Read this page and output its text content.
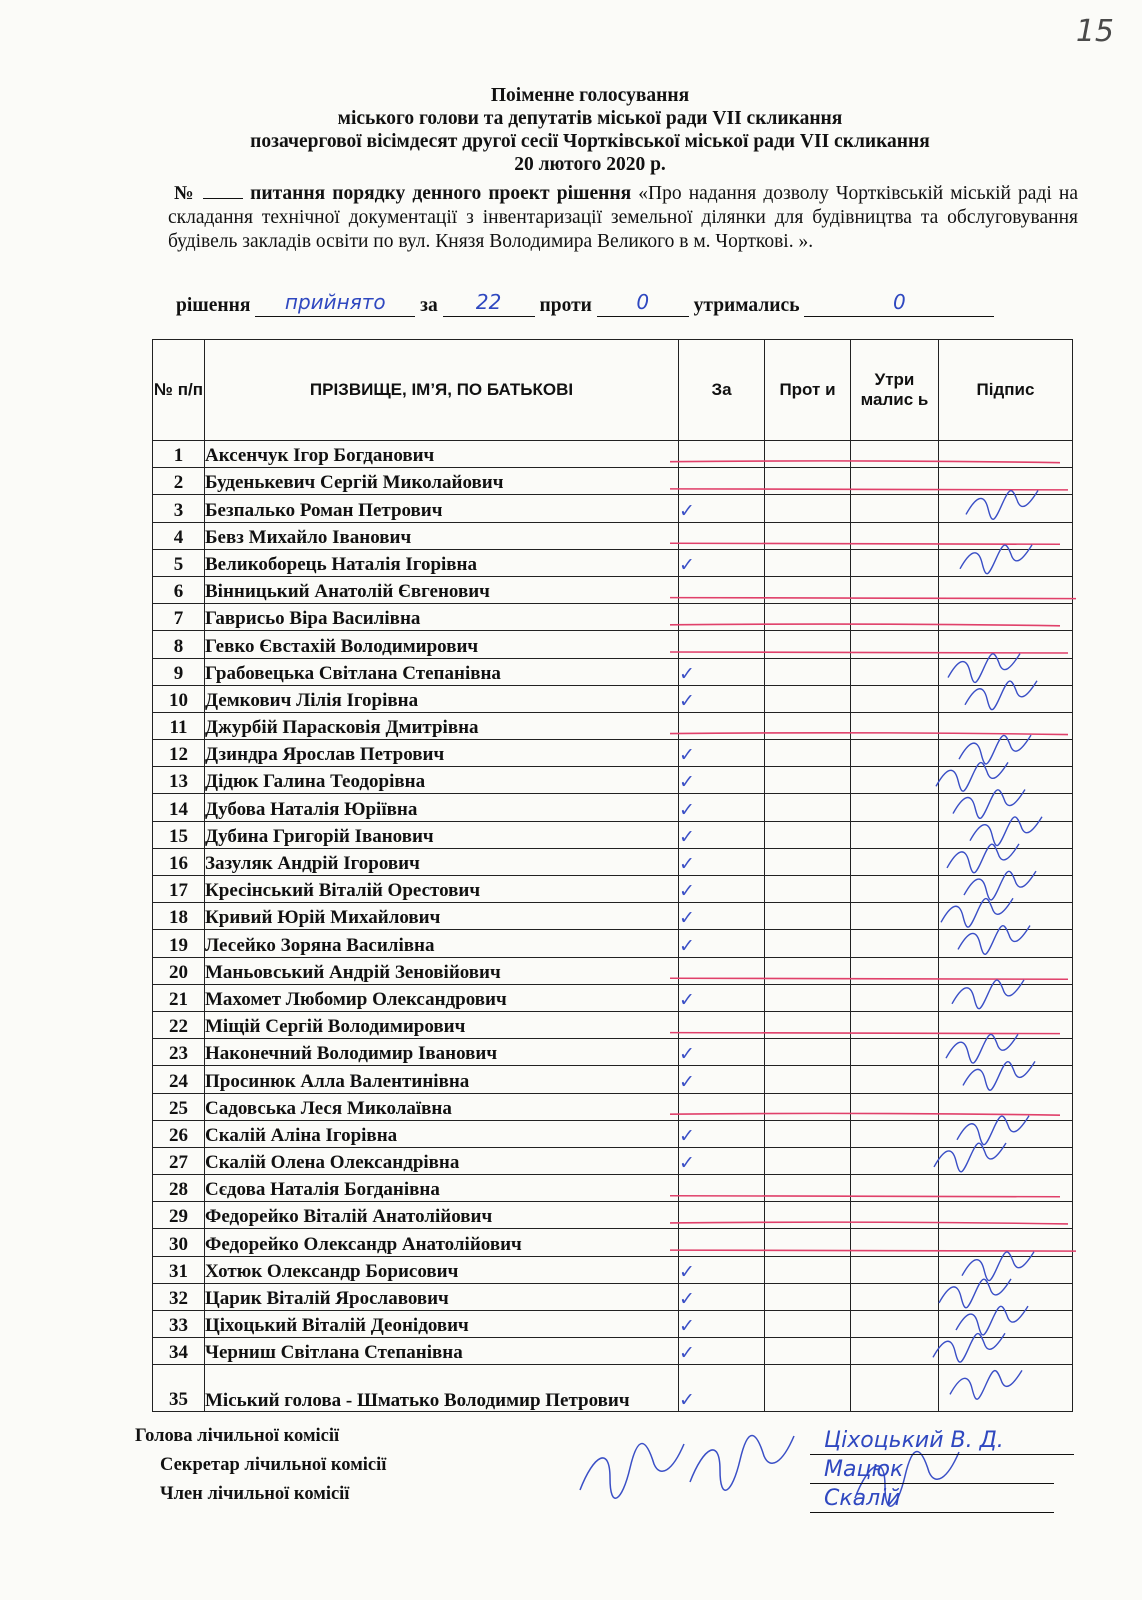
15
Поіменне голосування
міського голови та депутатів міської ради VII скликання
позачергової вісімдесят другої сесії Чортківської міської ради VII скликання
20 лютого 2020 р.
№	питання порядку денного проект рішення «Про надання дозволу Чортківській міській раді на складання технічної документації з інвентаризації земельної ділянки для будівництва та обслуговування будівель закладів освіти по вул. Князя Володимира Великого в м. Чорткові. ».
рішення прийнято за 22 проти 0 утримались	0
№ п/п	ПРІЗВИЩЕ, ІМ’Я, ПО БАТЬКОВІ	За	Прот и	Утри малис ь	Підпис
1	Аксенчук Ігор Богданович				
2	Буденькевич Сергій Миколайович				
3	Безпалько Роман Петрович	✓			
4	Бевз Михайло Іванович				
5	Великоборець Наталія Ігорівна	✓			
6	Вінницький Анатолій Євгенович				
7	Гаврисьо Віра Василівна				
8	Гевко Євстахій Володимирович				
9	Грабовецька Світлана Степанівна	✓			
10	Демкович Лілія Ігорівна	✓			
11	Джурбій Парасковія Дмитрівна				
12	Дзиндра Ярослав Петрович	✓			
13	Дідюк Галина Теодорівна	✓			
14	Дубова Наталія Юріївна	✓			
15	Дубина Григорій Іванович	✓			
16	Зазуляк Андрій Ігорович	✓			
17	Кресінський Віталій Орестович	✓			
18	Кривий Юрій Михайлович	✓			
19	Лесейко Зоряна Василівна	✓			
20	Маньовський Андрій Зеновійович				
21	Махомет Любомир Олександрович	✓			
22	Міщій Сергій Володимирович				
23	Наконечний Володимир Іванович	✓			
24	Просинюк Алла Валентинівна	✓			
25	Садовська Леся Миколаївна				
26	Скалій Аліна Ігорівна	✓			
27	Скалій Олена Олександрівна	✓			
28	Сєдова Наталія Богданівна				
29	Федорейко Віталій Анатолійович				
30	Федорейко Олександр Анатолійович				
31	Хотюк Олександр Борисович	✓			
32	Царик Віталій Ярославович	✓			
33	Ціхоцький Віталій Деонідович	✓			
34	Черниш Світлана Степанівна	✓			
35	Міський голова - Шматько Володимир Петрович	✓			
Голова лічильної комісії
Секретар лічильної комісії
Член лічильної комісії
Ціхоцький В. Д.
Мацюк
Скалій
